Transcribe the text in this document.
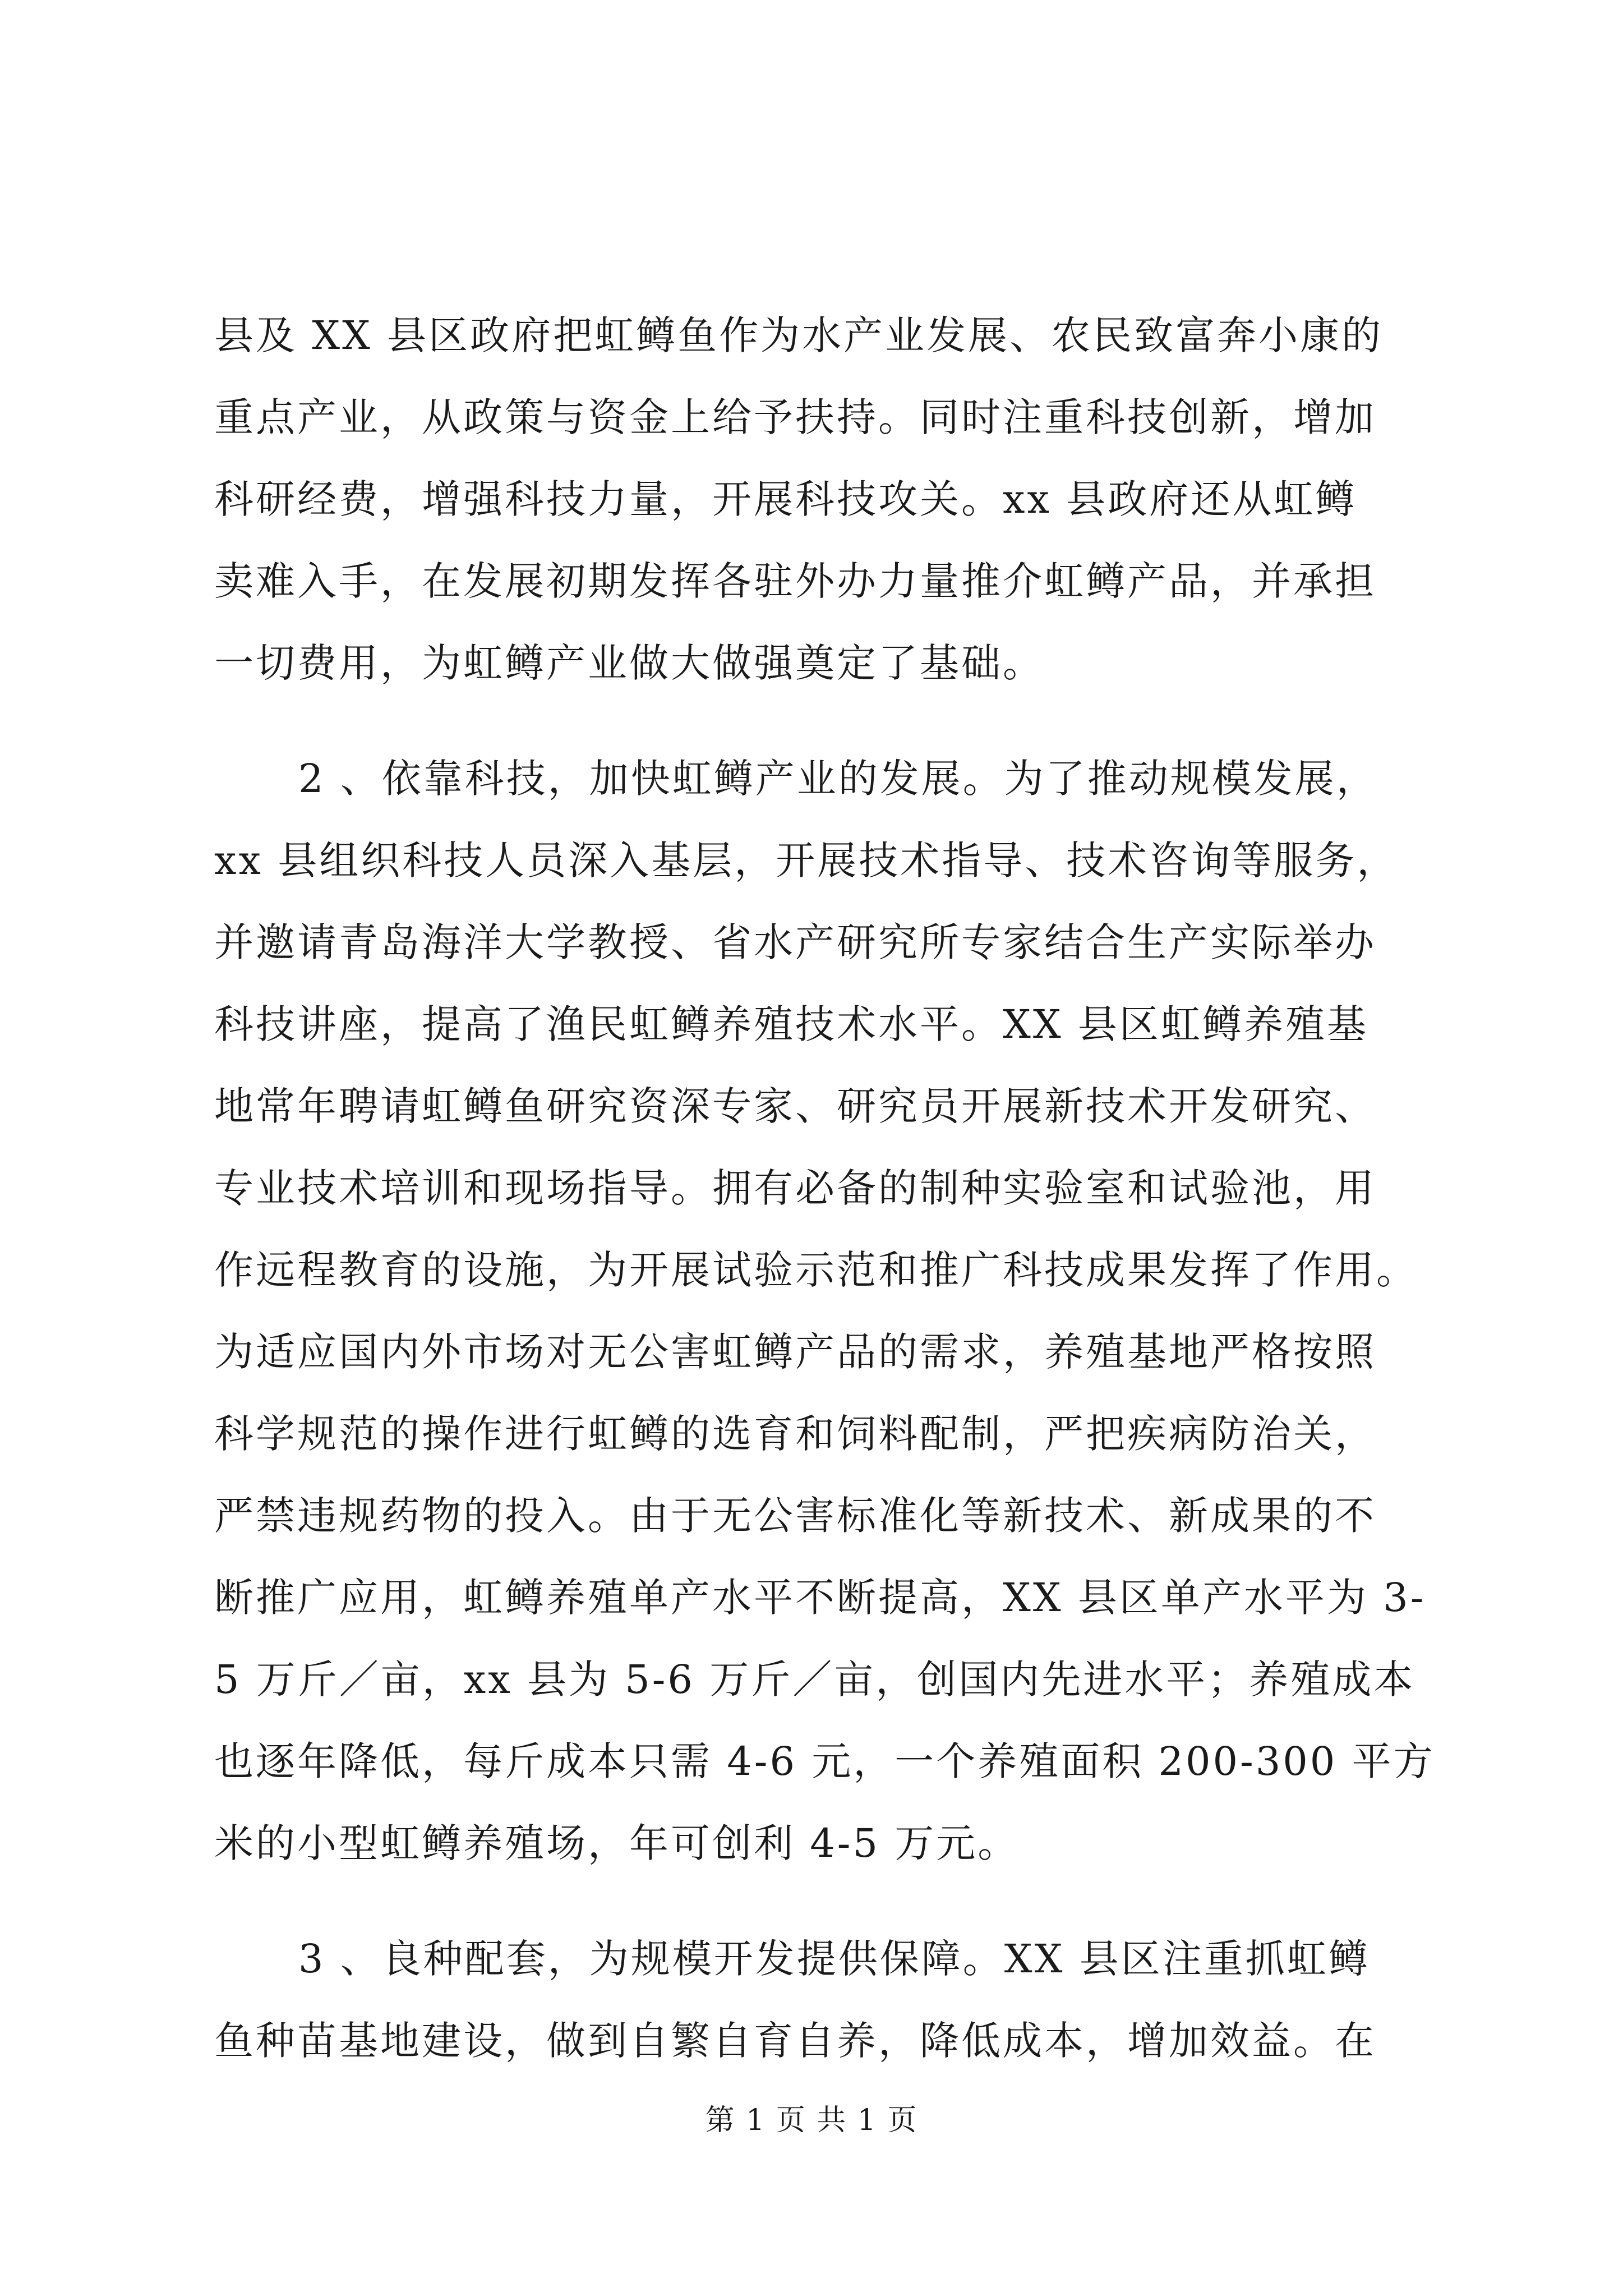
县及 XX 县区政府把虹鳟鱼作为水产业发展、农民致富奔小康的
重点产业，从政策与资金上给予扶持。同时注重科技创新，增加
科研经费，增强科技力量，开展科技攻关。xx 县政府还从虹鳟
卖难入手，在发展初期发挥各驻外办力量推介虹鳟产品，并承担
一切费用，为虹鳟产业做大做强奠定了基础。
2 、依靠科技，加快虹鳟产业的发展。为了推动规模发展，
xx 县组织科技人员深入基层，开展技术指导、技术咨询等服务，
并邀请青岛海洋大学教授、省水产研究所专家结合生产实际举办
科技讲座，提高了渔民虹鳟养殖技术水平。XX 县区虹鳟养殖基
地常年聘请虹鳟鱼研究资深专家、研究员开展新技术开发研究、
专业技术培训和现场指导。拥有必备的制种实验室和试验池，用
作远程教育的设施，为开展试验示范和推广科技成果发挥了作用。
为适应国内外市场对无公害虹鳟产品的需求，养殖基地严格按照
科学规范的操作进行虹鳟的选育和饲料配制，严把疾病防治关，
严禁违规药物的投入。由于无公害标准化等新技术、新成果的不
断推广应用，虹鳟养殖单产水平不断提高，XX 县区单产水平为 3-
5 万斤／亩，xx 县为 5-6 万斤／亩，创国内先进水平；养殖成本
也逐年降低，每斤成本只需 4-6 元，一个养殖面积 200-300 平方
米的小型虹鳟养殖场，年可创利 4-5 万元。
3 、良种配套，为规模开发提供保障。XX 县区注重抓虹鳟
鱼种苗基地建设，做到自繁自育自养，降低成本，增加效益。在
第 1 页 共 1 页
